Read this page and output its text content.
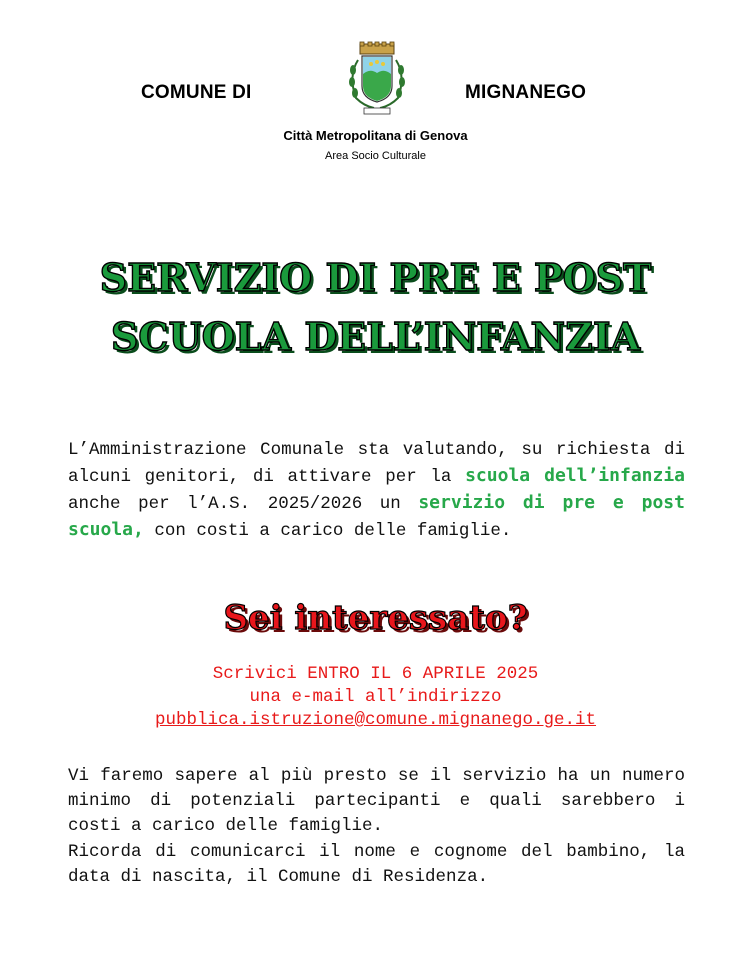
COMUNE DI	MIGNANEGO
Città Metropolitana di Genova
Area Socio Culturale
SERVIZIO DI PRE E POST
SCUOLA DELL’INFANZIA
L’Amministrazione Comunale sta valutando, su richiesta di alcuni genitori, di attivare per la scuola dell’infanzia anche per l’A.S. 2025/2026 un servizio di pre e post scuola, con costi a carico delle famiglie.
Sei interessato?
Scrivici ENTRO IL 6 APRILE 2025
una e-mail all’indirizzo
pubblica.istruzione@comune.mignanego.ge.it
Vi faremo sapere al più presto se il servizio ha un numero minimo di potenziali partecipanti e quali sarebbero i costi a carico delle famiglie.
Ricorda di comunicarci il nome e cognome del bambino, la data di nascita, il Comune di Residenza.
